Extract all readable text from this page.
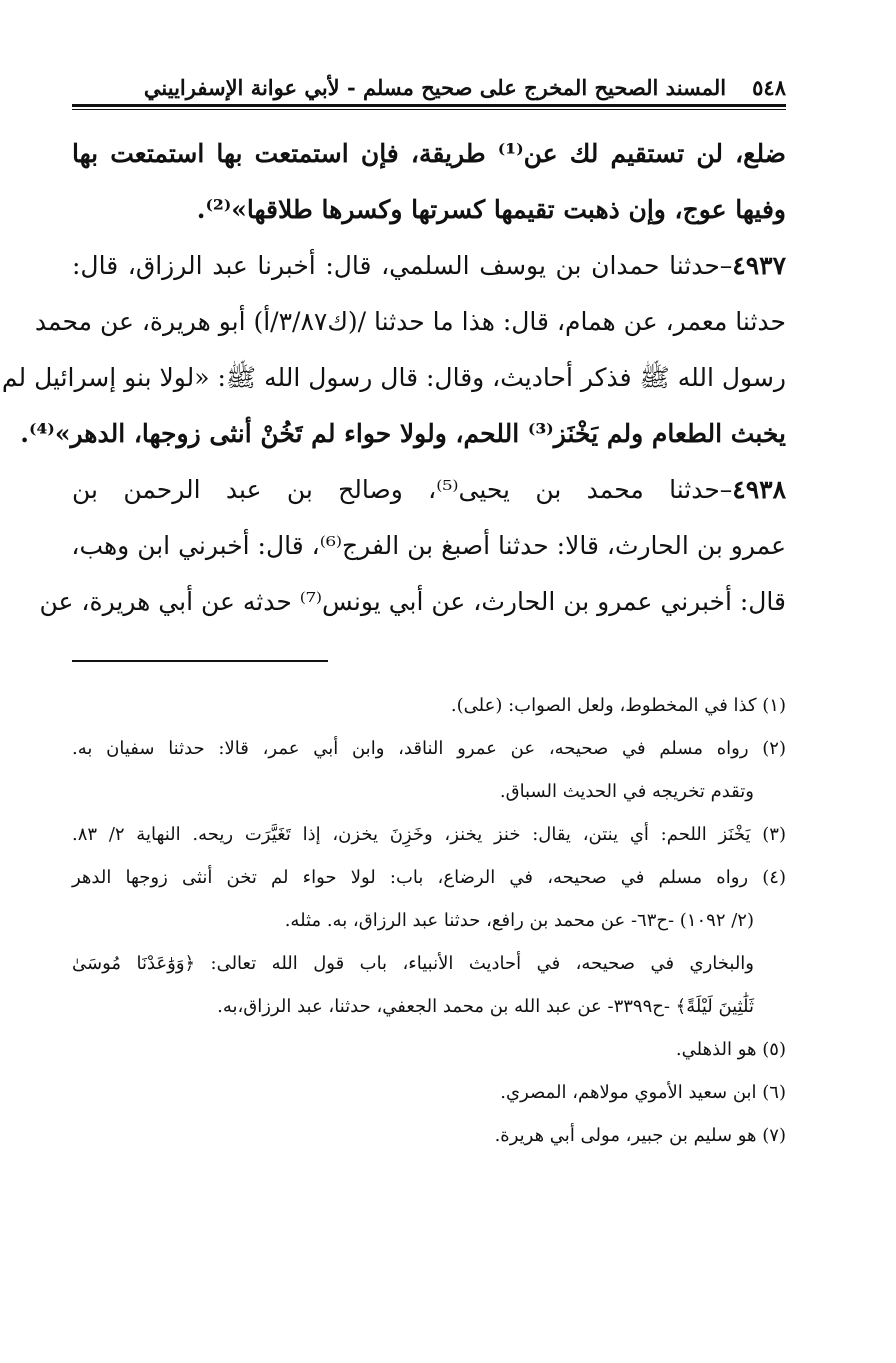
٥٤٨
المسند الصحيح المخرج على صحيح مسلم - لأبي عوانة الإسفراييني
ضلع، لن تستقيم لك عن⁽¹⁾ طريقة، فإن استمتعت بها استمتعت بها
وفيها عوج، وإن ذهبت تقيمها كسرتها وكسرها طلاقها»⁽²⁾.
٤٩٣٧–حدثنا حمدان بن يوسف السلمي، قال: أخبرنا عبد الرزاق، قال:
حدثنا معمر، عن همام، قال: هذا ما حدثنا /(ك٣/٨٧/أ) أبو هريرة، عن محمد
رسول الله ﷺ فذكر أحاديث، وقال: قال رسول الله ﷺ: «لولا بنو إسرائيل لم
يخبث الطعام ولم يَخْنَز⁽³⁾ اللحم، ولولا حواء لم تَخُنْ أنثى زوجها، الدهر»⁽⁴⁾.
٤٩٣٨–حدثنا محمد بن يحيى⁽⁵⁾، وصالح بن عبد الرحمن بن
عمرو بن الحارث، قالا: حدثنا أصبغ بن الفرج⁽⁶⁾، قال: أخبرني ابن وهب،
قال: أخبرني عمرو بن الحارث، عن أبي يونس⁽⁷⁾ حدثه عن أبي هريرة، عن
(١) كذا في المخطوط، ولعل الصواب: (على).
(٢) رواه مسلم في صحيحه، عن عمرو الناقد، وابن أبي عمر، قالا: حدثنا سفيان به.
وتقدم تخريجه في الحديث السباق.
(٣) يَخْنَز اللحم: أي ينتن، يقال: خنز يخنز، وخَزِنَ يخزن، إذا تَغَيَّرَت ريحه. النهاية ٢/ ٨٣.
(٤) رواه مسلم في صحيحه، في الرضاع، باب: لولا حواء لم تخن أنثى زوجها الدهر
(٢/ ١٠٩٢) -ح٦٣- عن محمد بن رافع، حدثنا عبد الرزاق، به. مثله.
والبخاري في صحيحه، في أحاديث الأنبياء، باب قول الله تعالى: ﴿وَوَٰعَدْنَا مُوسَىٰ
ثَلَٰثِينَ لَيْلَةً﴾ -ح٣٣٩٩- عن عبد الله بن محمد الجعفي، حدثنا، عبد الرزاق،به.
(٥) هو الذهلي.
(٦) ابن سعيد الأموي مولاهم، المصري.
(٧) هو سليم بن جبير، مولى أبي هريرة.
